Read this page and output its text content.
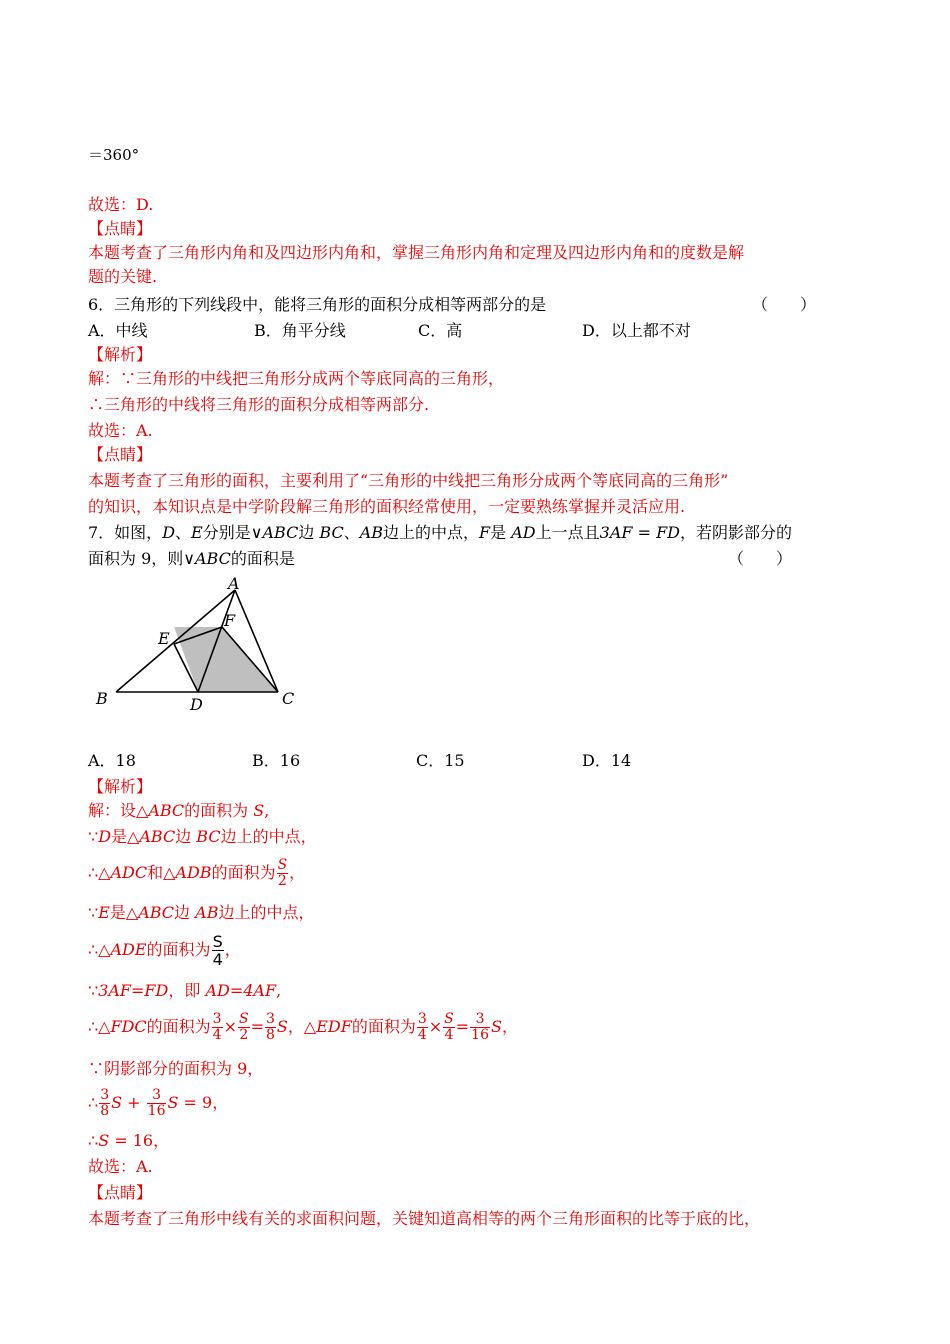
＝360°
故选：D.
【点睛】
本题考查了三角形内角和及四边形内角和，掌握三角形内角和定理及四边形内角和的度数是解
题的关键.
6．三角形的下列线段中，能将三角形的面积分成相等两部分的是	（　　）
A．中线	B．角平分线	C．高	D．以上都不对
【解析】
解：∵三角形的中线把三角形分成两个等底同高的三角形，
∴三角形的中线将三角形的面积分成相等两部分.
故选：A.
【点睛】
本题考查了三角形的面积，主要利用了“三角形的中线把三角形分成两个等底同高的三角形”
的知识，本知识点是中学阶段解三角形的面积经常使用，一定要熟练掌握并灵活应用.
7．如图，D、E分别是∨ABC边 BC、AB边上的中点，F是 AD上一点且3AF = FD，若阴影部分的
面积为 9，则∨ABC的面积是	（　　）
A
B	C
D
E
F
A．18	B．16	C．15	D．14
【解析】
解：设△ABC的面积为 S,
∵D是△ABC边 BC边上的中点，
∴△ADC和△ADB的面积为 $\frac{S}{2}$ ，
∵E是△ABC边 AB边上的中点，
∴△ADE的面积为 $\frac{S}{4}$ ，
∵3AF=FD，即 AD=4AF,
∴△FDC的面积为 $\frac{3}{4} \times \frac{S}{2} = \frac{3}{8}$ S，△EDF的面积为 $\frac{3}{4} \times \frac{S}{4} = \frac{3}{16}$ S，
∵阴影部分的面积为 9，
∴ $\frac{3}{8}$ $S + \frac{3}{16}$ S = 9，
∴S = 16，
故选：A.
【点睛】
本题考查了三角形中线有关的求面积问题，关键知道高相等的两个三角形面积的比等于底的比，
